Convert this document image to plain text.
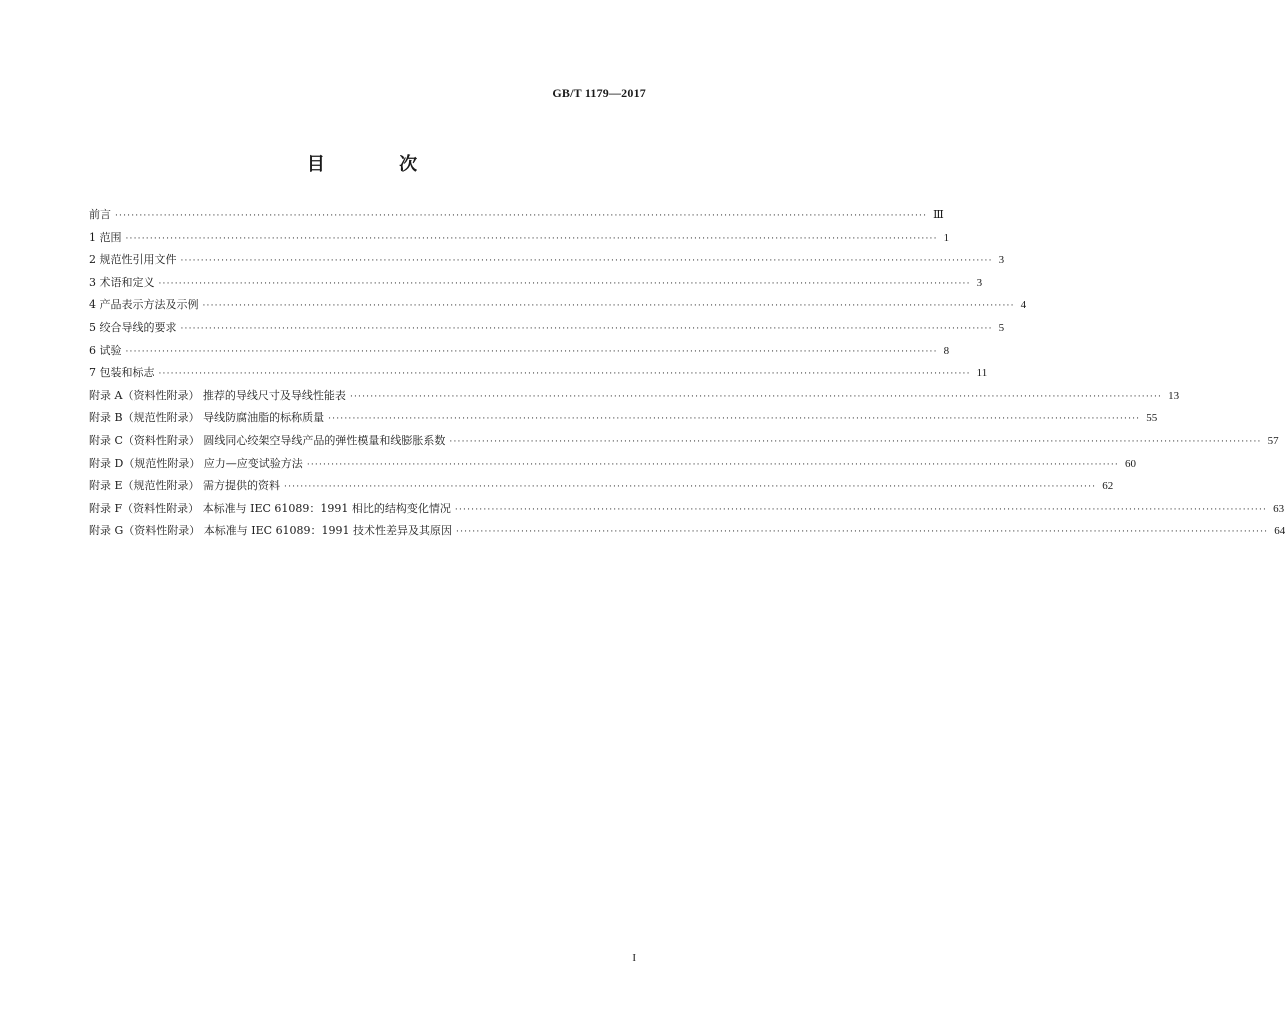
GB/T 1179—2017
目 次
前言 ········································································································································································································ Ⅲ
1 范围 ········································································································································································································ 1
2 规范性引用文件 ········································································································································································································ 3
3 术语和定义 ········································································································································································································ 3
4 产品表示方法及示例 ········································································································································································································ 4
5 绞合导线的要求 ········································································································································································································ 5
6 试验 ········································································································································································································ 8
7 包装和标志 ········································································································································································································ 11
附录 A（资料性附录） 推荐的导线尺寸及导线性能表 ········································································································································································································ 13
附录 B（规范性附录） 导线防腐油脂的标称质量 ········································································································································································································ 55
附录 C（资料性附录） 圆线同心绞架空导线产品的弹性模量和线膨胀系数 ········································································································································································································ 57
附录 D（规范性附录） 应力—应变试验方法 ········································································································································································································ 60
附录 E（规范性附录） 需方提供的资料 ········································································································································································································ 62
附录 F（资料性附录） 本标准与 IEC 61089：1991 相比的结构变化情况 ········································································································································································································ 63
附录 G（资料性附录） 本标准与 IEC 61089：1991 技术性差异及其原因 ········································································································································································································ 64
I
